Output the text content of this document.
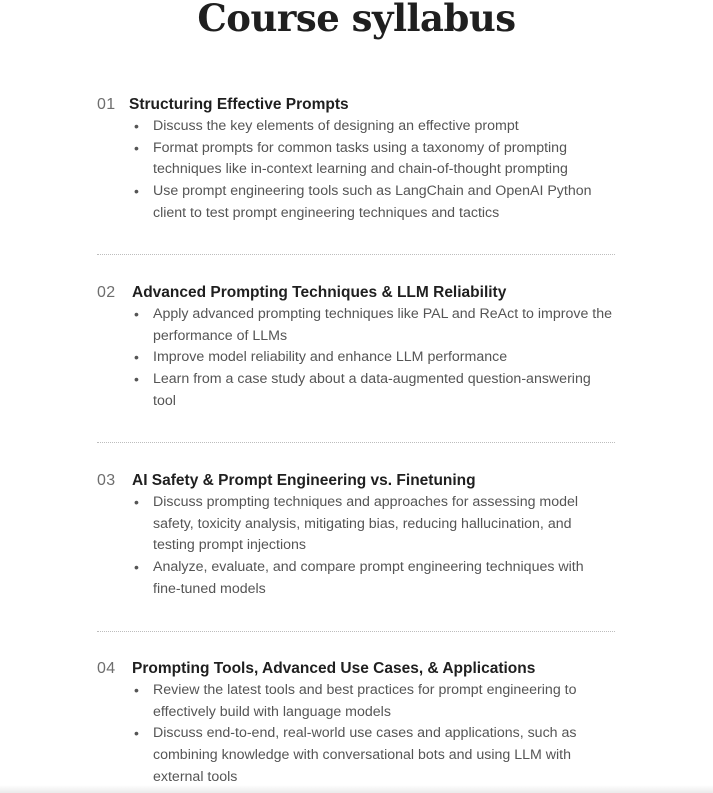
Course syllabus
01 Structuring Effective Prompts
• Discuss the key elements of designing an effective prompt
• Format prompts for common tasks using a taxonomy of prompting techniques like in-context learning and chain-of-thought prompting
• Use prompt engineering tools such as LangChain and OpenAI Python client to test prompt engineering techniques and tactics
02	Advanced Prompting Techniques & LLM Reliability
• Apply advanced prompting techniques like PAL and ReAct to improve the performance of LLMs
• Improve model reliability and enhance LLM performance
• Learn from a case study about a data-augmented question-answering tool
03	AI Safety & Prompt Engineering vs. Finetuning
• Discuss prompting techniques and approaches for assessing model safety, toxicity analysis, mitigating bias, reducing hallucination, and testing prompt injections
• Analyze, evaluate, and compare prompt engineering techniques with fine-tuned models
04	Prompting Tools, Advanced Use Cases, & Applications
• Review the latest tools and best practices for prompt engineering to effectively build with language models
• Discuss end-to-end, real-world use cases and applications, such as combining knowledge with conversational bots and using LLM with external tools
